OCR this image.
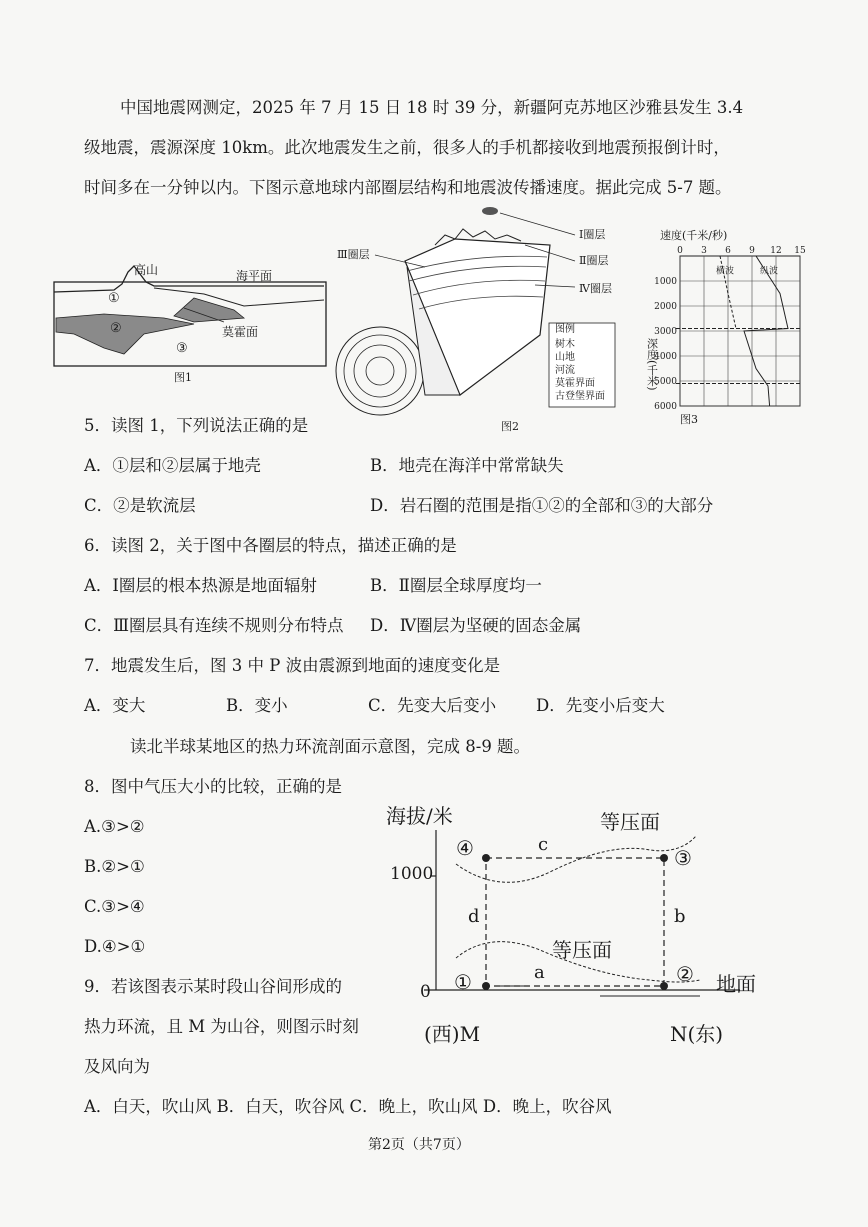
中国地震网测定，2025 年 7 月 15 日 18 时 39 分，新疆阿克苏地区沙雅县发生 3.4
级地震，震源深度 10km。此次地震发生之前，很多人的手机都接收到地震预报倒计时，
时间多在一分钟以内。下图示意地球内部圈层结构和地震波传播速度。据此完成 5-7 题。
高山	海平面
莫霍面
①
②
③
图1
Ⅰ圈层
Ⅱ圈层
Ⅲ圈层
Ⅳ圈层
图例
树木
山地
河流
莫霍界面
古登堡界面
图2
速度(千米/秒)
0 3 6 9 12 15
1000
2000
3000
4000
5000
6000
深度(千米)
横波	纵波
图3
5．读图 1，下列说法正确的是
A．①层和②层属于地壳	B．地壳在海洋中常常缺失
C．②是软流层	D．岩石圈的范围是指①②的全部和③的大部分
6．读图 2，关于图中各圈层的特点，描述正确的是
A．Ⅰ圈层的根本热源是地面辐射	B．Ⅱ圈层全球厚度均一
C．Ⅲ圈层具有连续不规则分布特点 D．Ⅳ圈层为坚硬的固态金属
7．地震发生后，图 3 中 P 波由震源到地面的速度变化是
A．变大	B．变小	C．先变大后变小 D．先变小后变大
读北半球某地区的热力环流剖面示意图，完成 8-9 题。
8．图中气压大小的比较，正确的是
A.③>②
B.②>①
C.③>④
D.④>①
9．若该图表示某时段山谷间形成的
热力环流，且 M 为山谷，则图示时刻
及风向为
A．白天，吹山风 B．白天，吹谷风 C．晚上，吹山风 D．晚上，吹谷风
海拔/米
1000
0
等压面
等压面
地面
(西)M	N(东)
④	③
①	②
c
d	b
a
第2页（共7页）
